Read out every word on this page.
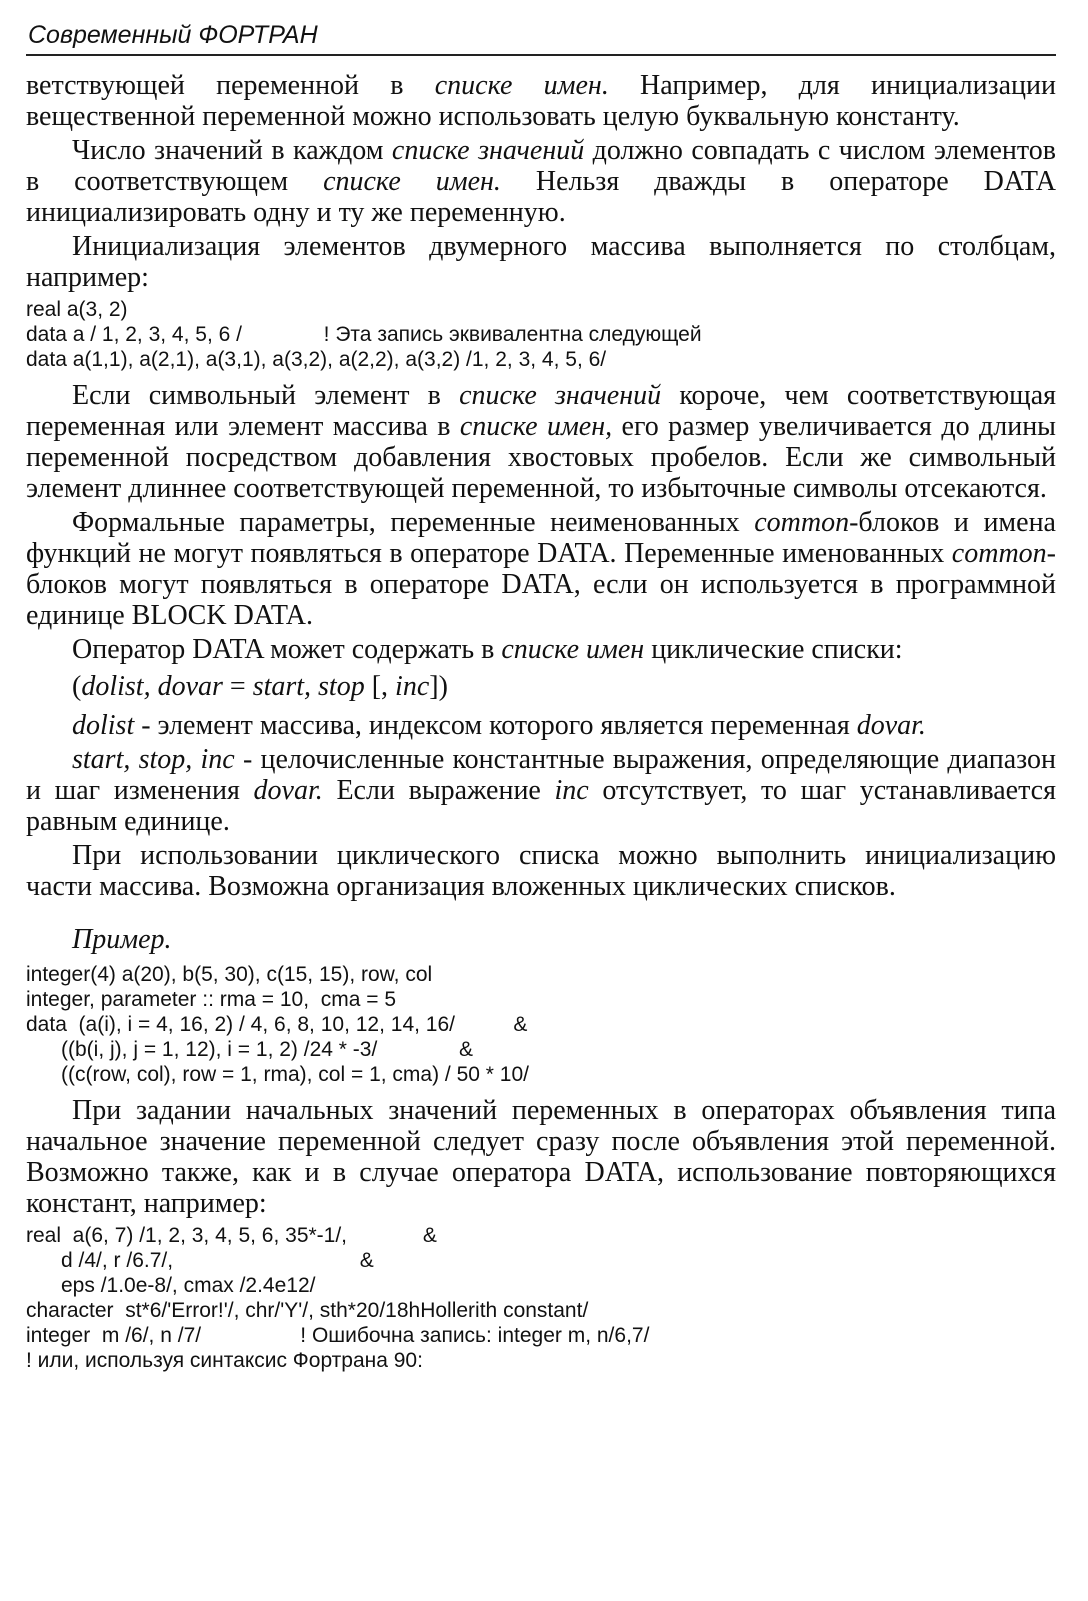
Современный ФОРТРАН

ветствующей переменной в списке имен. Например, для инициализации вещественной переменной можно использовать целую буквальную константу.

Число значений в каждом списке значений должно совпадать с числом элементов в соответствующем списке имен. Нельзя дважды в операторе DATA инициализировать одну и ту же переменную.

Инициализация элементов двумерного массива выполняется по столбцам, например:

real a(3, 2)
data a / 1, 2, 3, 4, 5, 6 /              ! Эта запись эквивалентна следующей
data a(1,1), a(2,1), a(3,1), a(3,2), a(2,2), a(3,2) /1, 2, 3, 4, 5, 6/

Если символьный элемент в списке значений короче, чем соответствующая переменная или элемент массива в списке имен, его размер увеличивается до длины переменной посредством добавления хвостовых пробелов. Если же символьный элемент длиннее соответствующей переменной, то избыточные символы отсекаются.

Формальные параметры, переменные неименованных common-блоков и имена функций не могут появляться в операторе DATA. Переменные именованных common-блоков могут появляться в операторе DATA, если он используется в программной единице BLOCK DATA.

Оператор DATA может содержать в списке имен циклические списки:

(dolist, dovar = start, stop [, inc])

dolist - элемент массива, индексом которого является переменная dovar.

start, stop, inc - целочисленные константные выражения, определяющие диапазон и шаг изменения dovar. Если выражение inc отсутствует, то шаг устанавливается равным единице.

При использовании циклического списка можно выполнить инициализацию части массива. Возможна организация вложенных циклических списков.

Пример.
integer(4) a(20), b(5, 30), c(15, 15), row, col
integer, parameter :: rma = 10,  cma = 5
data  (a(i), i = 4, 16, 2) / 4, 6, 8, 10, 12, 14, 16/          &
((b(i, j), j = 1, 12), i = 1, 2) /24 * -3/              &
((c(row, col), row = 1, rma), col = 1, cma) / 50 * 10/

При задании начальных значений переменных в операторах объявления типа начальное значение переменной следует сразу после объявления этой переменной. Возможно также, как и в случае оператора DATA, использование повторяющихся констант, например:

real  a(6, 7) /1, 2, 3, 4, 5, 6, 35*-1/,             &
d /4/, r /6.7/,                                &
eps /1.0e-8/, cmax /2.4e12/
character  st*6/'Error!'/, chr/'Y'/, sth*20/18hHollerith constant/
integer  m /6/, n /7/                 ! Ошибочна запись: integer m, n/6,7/
! или, используя синтаксис Фортрана 90:
